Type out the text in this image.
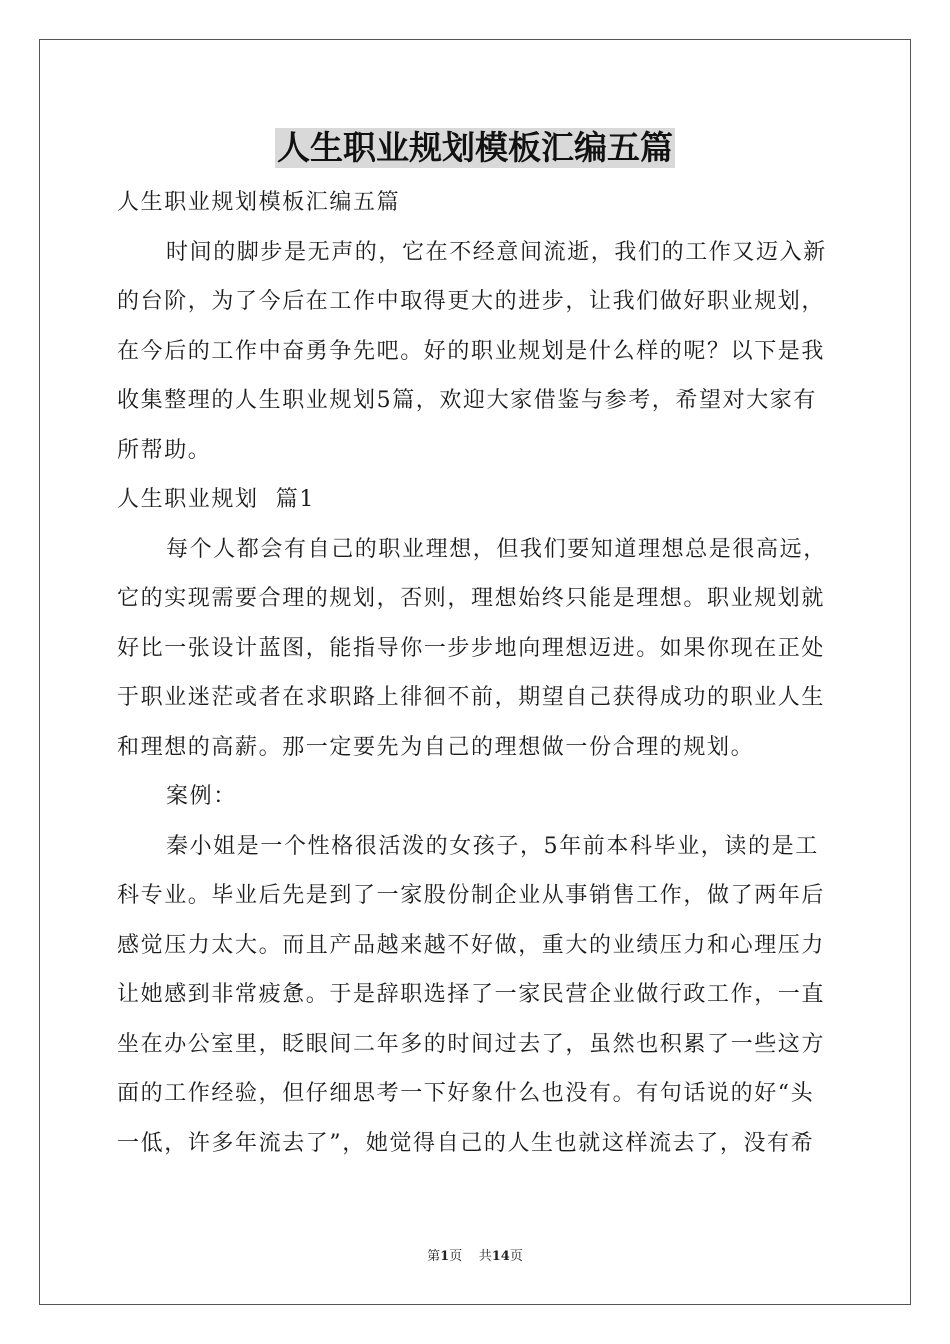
人生职业规划模板汇编五篇

人生职业规划模板汇编五篇

时间的脚步是无声的，它在不经意间流逝，我们的工作又迈入新

的台阶，为了今后在工作中取得更大的进步，让我们做好职业规划，

在今后的工作中奋勇争先吧。好的职业规划是什么样的呢？以下是我

收集整理的人生职业规划5篇，欢迎大家借鉴与参考，希望对大家有

所帮助。

人生职业规划  篇1

每个人都会有自己的职业理想，但我们要知道理想总是很高远，

它的实现需要合理的规划，否则，理想始终只能是理想。职业规划就

好比一张设计蓝图，能指导你一步步地向理想迈进。如果你现在正处

于职业迷茫或者在求职路上徘徊不前，期望自己获得成功的职业人生

和理想的高薪。那一定要先为自己的理想做一份合理的规划。

案例：

秦小姐是一个性格很活泼的女孩子，5年前本科毕业，读的是工

科专业。毕业后先是到了一家股份制企业从事销售工作，做了两年后

感觉压力太大。而且产品越来越不好做，重大的业绩压力和心理压力

让她感到非常疲惫。于是辞职选择了一家民营企业做行政工作，一直

坐在办公室里，眨眼间二年多的时间过去了，虽然也积累了一些这方

面的工作经验，但仔细思考一下好象什么也没有。有句话说的好“头

一低，许多年流去了”，她觉得自己的人生也就这样流去了，没有希

第1页 共14页
